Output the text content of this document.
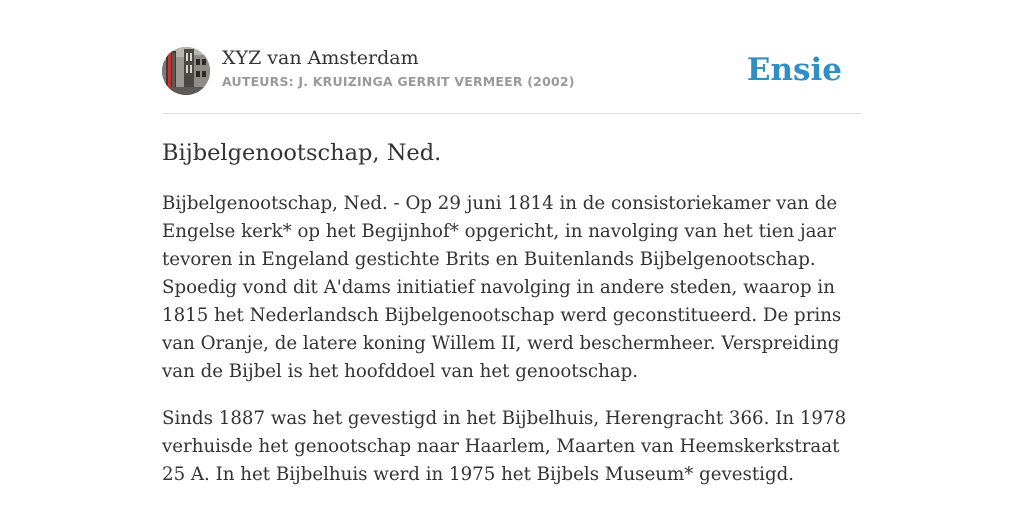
XYZ van Amsterdam
AUTEURS: J. KRUIZINGA GERRIT VERMEER (2002)	Ensie
Bijbelgenootschap, Ned.

Bijbelgenootschap, Ned. - Op 29 juni 1814 in de consistoriekamer van de Engelse kerk* op het Begijnhof* opgericht, in navolging van het tien jaar tevoren in Engeland gestichte Brits en Buitenlands Bijbelgenootschap. Spoedig vond dit A'dams initiatief navolging in andere steden, waarop in 1815 het Nederlandsch Bijbelgenootschap werd geconstitueerd. De prins van Oranje, de latere koning Willem II, werd beschermheer. Verspreiding van de Bijbel is het hoofddoel van het genootschap.

Sinds 1887 was het gevestigd in het Bijbelhuis, Herengracht 366. In 1978 verhuisde het genootschap naar Haarlem, Maarten van Heemskerkstraat 25 A. In het Bijbelhuis werd in 1975 het Bijbels Museum* gevestigd.
